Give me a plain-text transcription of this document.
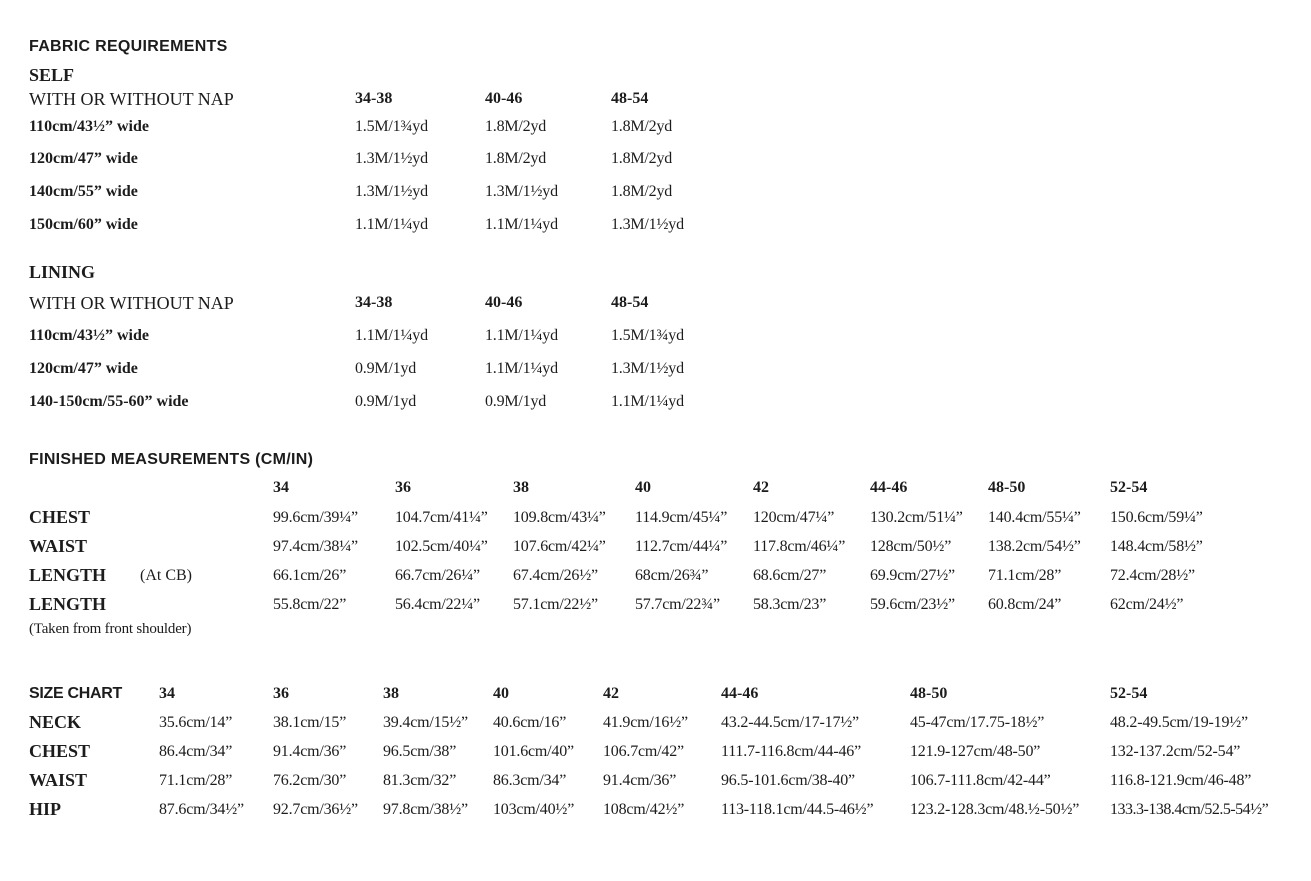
FABRIC REQUIREMENTS
SELF
WITH OR WITHOUT NAP	34-38	40-46	48-54
110cm/43½” wide	1.5M/1¾yd	1.8M/2yd	1.8M/2yd
120cm/47” wide	1.3M/1½yd	1.8M/2yd	1.8M/2yd
140cm/55” wide	1.3M/1½yd	1.3M/1½yd	1.8M/2yd
150cm/60” wide	1.1M/1¼yd	1.1M/1¼yd	1.3M/1½yd
LINING
WITH OR WITHOUT NAP	34-38	40-46	48-54
110cm/43½” wide	1.1M/1¼yd	1.1M/1¼yd	1.5M/1¾yd
120cm/47” wide	0.9M/1yd	1.1M/1¼yd	1.3M/1½yd
140-150cm/55-60” wide	0.9M/1yd	0.9M/1yd	1.1M/1¼yd
FINISHED MEASUREMENTS (CM/IN)
34	36	38	40	42	44-46	48-50	52-54
CHEST	99.6cm/39¼” 104.7cm/41¼” 109.8cm/43¼” 114.9cm/45¼” 120cm/47¼” 130.2cm/51¼” 140.4cm/55¼” 150.6cm/59¼”
WAIST	97.4cm/38¼” 102.5cm/40¼” 107.6cm/42¼” 112.7cm/44¼” 117.8cm/46¼” 128cm/50½” 138.2cm/54½” 148.4cm/58½”
LENGTH (At CB)	66.1cm/26”	66.7cm/26¼” 67.4cm/26½” 68cm/26¾”	68.6cm/27”	69.9cm/27½” 71.1cm/28”	72.4cm/28½”
LENGTH	55.8cm/22”	56.4cm/22¼” 57.1cm/22½” 57.7cm/22¾” 58.3cm/23”	59.6cm/23½” 60.8cm/24”	62cm/24½”
(Taken from front shoulder)
SIZE CHART 34	36	38	40	42	44-46	48-50	52-54
NECK	35.6cm/14”	38.1cm/15” 39.4cm/15½” 40.6cm/16” 41.9cm/16½” 43.2-44.5cm/17-17½”	45-47cm/17.75-18½”	48.2-49.5cm/19-19½”
CHEST	86.4cm/34”	91.4cm/36” 96.5cm/38” 101.6cm/40” 106.7cm/42” 111.7-116.8cm/44-46”	121.9-127cm/48-50”	132-137.2cm/52-54”
WAIST	71.1cm/28”	76.2cm/30” 81.3cm/32” 86.3cm/34” 91.4cm/36”	96.5-101.6cm/38-40”	106.7-111.8cm/42-44”	116.8-121.9cm/46-48”
HIP	87.6cm/34½” 92.7cm/36½” 97.8cm/38½” 103cm/40½” 108cm/42½” 113-118.1cm/44.5-46½” 123.2-128.3cm/48.½-50½” 133.3-138.4cm/52.5-54½”
